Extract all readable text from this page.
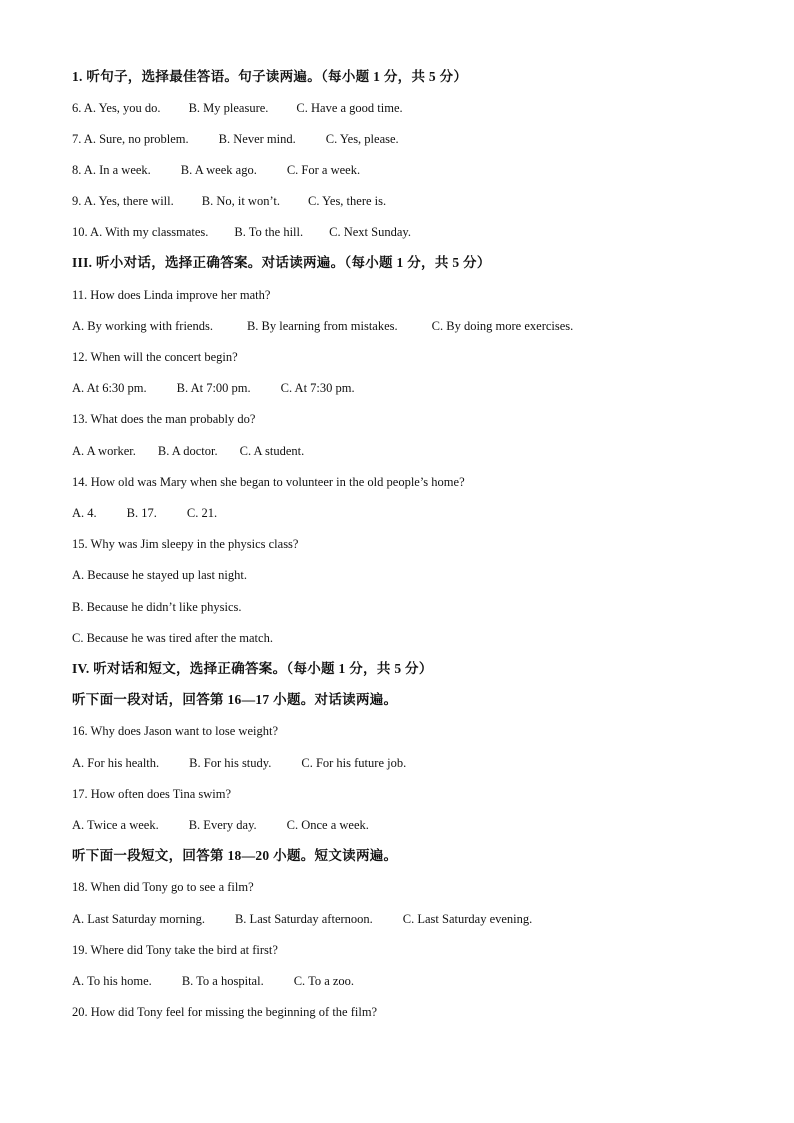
1. 听句子，选择最佳答语。句子读两遍。（每小题 1 分，共 5 分）
6. A. Yes, you do. B. My pleasure. C. Have a good time.
7. A. Sure, no problem. B. Never mind. C. Yes, please.
8. A. In a week. B. A week ago. C. For a week.
9. A. Yes, there will. B. No, it won’t. C. Yes, there is.
10. A. With my classmates. B. To the hill. C. Next Sunday.
III. 听小对话，选择正确答案。对话读两遍。（每小题 1 分，共 5 分）
11. How does Linda improve her math?
A. By working with friends.	B. By learning from mistakes.	C. By doing more exercises.
12. When will the concert begin?
A. At 6:30 pm. B. At 7:00 pm. C. At 7:30 pm.
13. What does the man probably do?
A. A worker. B. A doctor. C. A student.
14. How old was Mary when she began to volunteer in the old people’s home?
A. 4. B. 17. C. 21.
15. Why was Jim sleepy in the physics class?
A. Because he stayed up last night.
B. Because he didn’t like physics.
C. Because he was tired after the match.
IV. 听对话和短文，选择正确答案。（每小题 1 分，共 5 分）
听下面一段对话，回答第 16—17 小题。对话读两遍。
16. Why does Jason want to lose weight?
A. For his health. B. For his study. C. For his future job.
17. How often does Tina swim?
A. Twice a week. B. Every day. C. Once a week.
听下面一段短文，回答第 18—20 小题。短文读两遍。
18. When did Tony go to see a film?
A. Last Saturday morning. B. Last Saturday afternoon. C. Last Saturday evening.
19. Where did Tony take the bird at first?
A. To his home. B. To a hospital. C. To a zoo.
20. How did Tony feel for missing the beginning of the film?
